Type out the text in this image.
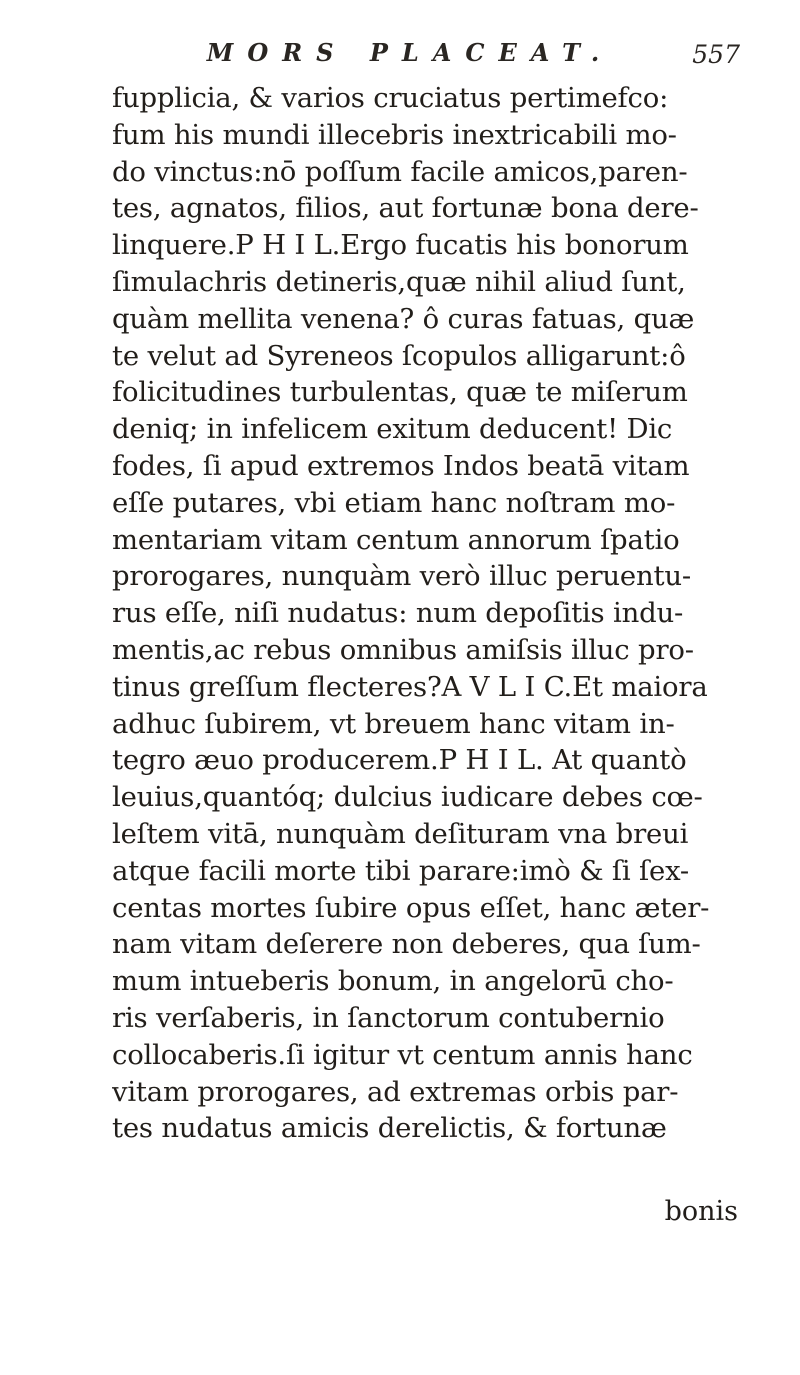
MORS PLACEAT.	557
fupplicia, & varios cruciatus pertimefco:
fum his mundi illecebris inextricabili mo-
do vinctus:nō poſſum facile amicos,paren-
tes, agnatos, filios, aut fortunæ bona dere-
linquere.P H I L.Ergo fucatis his bonorum
ſimulachris detineris,quæ nihil aliud ſunt,
quàm mellita venena? ô curas fatuas, quæ
te velut ad Syreneos ſcopulos alligarunt:ô
folicitudines turbulentas, quæ te miſerum
deniq; in infelicem exitum deducent! Dic
fodes, ſi apud extremos Indos beatā vitam
eſſe putares, vbi etiam hanc noſtram mo-
mentariam vitam centum annorum ſpatio
prorogares, nunquàm verò illuc peruentu-
rus eſſe, niſi nudatus: num depoſitis indu-
mentis,ac rebus omnibus amiſsis illuc pro-
tinus greſſum flecteres?A V L I C.Et maiora
adhuc ſubirem, vt breuem hanc vitam in-
tegro æuo producerem.P H I L. At quantò
leuius,quantóq; dulcius iudicare debes cœ-
leſtem vitā, nunquàm deſituram vna breui
atque facili morte tibi parare:imò & ſi ſex-
centas mortes ſubire opus eſſet, hanc æter-
nam vitam deſerere non deberes, qua ſum-
mum intueberis bonum, in angelorū cho-
ris verſaberis, in ſanctorum contubernio
collocaberis.ſi igitur vt centum annis hanc
vitam prorogares, ad extremas orbis par-
tes nudatus amicis derelictis, & fortunæ
bonis
